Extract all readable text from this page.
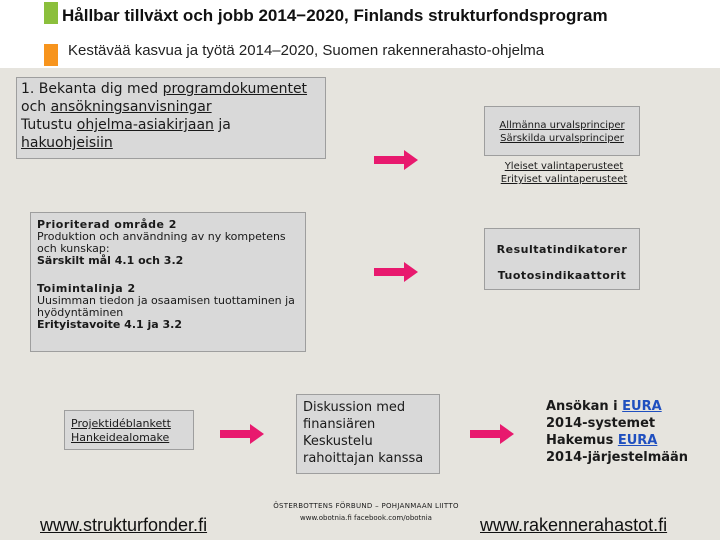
Hållbar tillväxt och jobb 2014−2020, Finlands strukturfondsprogram
Kestävää kasvua ja työtä 2014–2020, Suomen rakennerahasto-ohjelma
1. Bekanta dig med programdokumentet
och ansökningsanvisningar
Tutustu ohjelma-asiakirjaan ja
hakuohjeisiin
Allmänna urvalsprinciper
Särskilda urvalsprinciper
Yleiset valintaperusteet
Erityiset valintaperusteet
Prioriterad område 2
Produktion och användning av ny kompetens och kunskap:
Särskilt mål 4.1 och 3.2
Toimintalinja 2
Uusimman tiedon ja osaamisen tuottaminen ja hyödyntäminen
Erityistavoite 4.1 ja 3.2
Resultatindikatorer
Tuotosindikaattorit
Projektidéblankett
Hankeidealomake
Diskussion med finansiären
Keskustelu rahoittajan kanssa
Ansökan i EURA 2014-systemet
Hakemus EURA 2014-järjestelmään
www.strukturfonder.fi
ÖSTERBOTTENS FÖRBUND – POHJANMAAN LIITTO
www.obotnia.fi facebook.com/obotnia	www.rakennerahastot.fi
